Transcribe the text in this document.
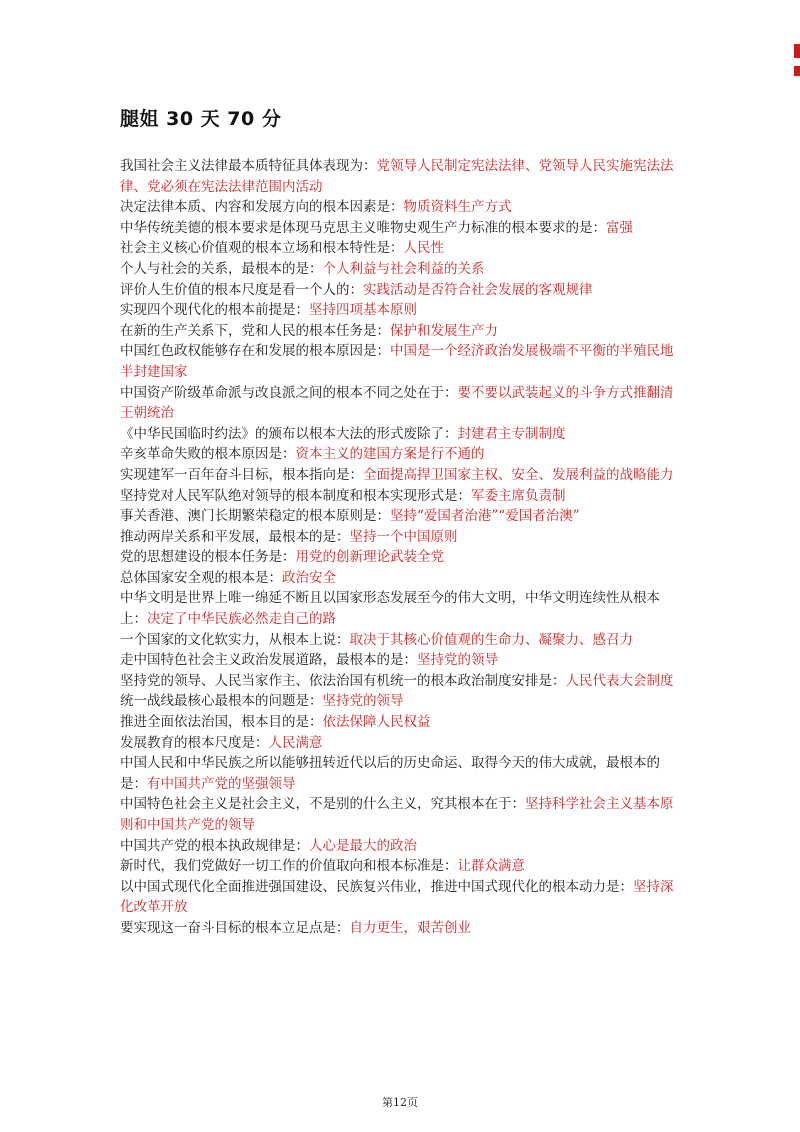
腿姐 30 天 70 分

我国社会主义法律最本质特征具体表现为：党领导人民制定宪法法律、党领导人民实施宪法法律、党必须在宪法法律范围内活动

决定法律本质、内容和发展方向的根本因素是：物质资料生产方式

中华传统美德的根本要求是体现马克思主义唯物史观生产力标准的根本要求的是：富强

社会主义核心价值观的根本立场和根本特性是：人民性

个人与社会的关系，最根本的是：个人利益与社会利益的关系

评价人生价值的根本尺度是看一个人的：实践活动是否符合社会发展的客观规律

实现四个现代化的根本前提是：坚持四项基本原则

在新的生产关系下，党和人民的根本任务是：保护和发展生产力

中国红色政权能够存在和发展的根本原因是：中国是一个经济政治发展极端不平衡的半殖民地半封建国家

中国资产阶级革命派与改良派之间的根本不同之处在于：要不要以武装起义的斗争方式推翻清王朝统治

《中华民国临时约法》的颁布以根本大法的形式废除了：封建君主专制制度

辛亥革命失败的根本原因是：资本主义的建国方案是行不通的

实现建军一百年奋斗目标，根本指向是：全面提高捍卫国家主权、安全、发展利益的战略能力

坚持党对人民军队绝对领导的根本制度和根本实现形式是：军委主席负责制

事关香港、澳门长期繁荣稳定的根本原则是：坚持“爱国者治港”“爱国者治澳”

推动两岸关系和平发展，最根本的是：坚持一个中国原则

党的思想建设的根本任务是：用党的创新理论武装全党

总体国家安全观的根本是：政治安全

中华文明是世界上唯一绵延不断且以国家形态发展至今的伟大文明，中华文明连续性从根本上：决定了中华民族必然走自己的路

一个国家的文化软实力，从根本上说：取决于其核心价值观的生命力、凝聚力、感召力

走中国特色社会主义政治发展道路，最根本的是：坚持党的领导

坚持党的领导、人民当家作主、依法治国有机统一的根本政治制度安排是：人民代表大会制度

统一战线最核心最根本的问题是：坚持党的领导

推进全面依法治国，根本目的是：依法保障人民权益

发展教育的根本尺度是：人民满意

中国人民和中华民族之所以能够扭转近代以后的历史命运、取得今天的伟大成就，最根本的是：有中国共产党的坚强领导

中国特色社会主义是社会主义，不是别的什么主义，究其根本在于：坚持科学社会主义基本原则和中国共产党的领导

中国共产党的根本执政规律是：人心是最大的政治

新时代，我们党做好一切工作的价值取向和根本标准是：让群众满意

以中国式现代化全面推进强国建设、民族复兴伟业，推进中国式现代化的根本动力是：坚持深化改革开放

要实现这一奋斗目标的根本立足点是：自力更生，艰苦创业

第12页
